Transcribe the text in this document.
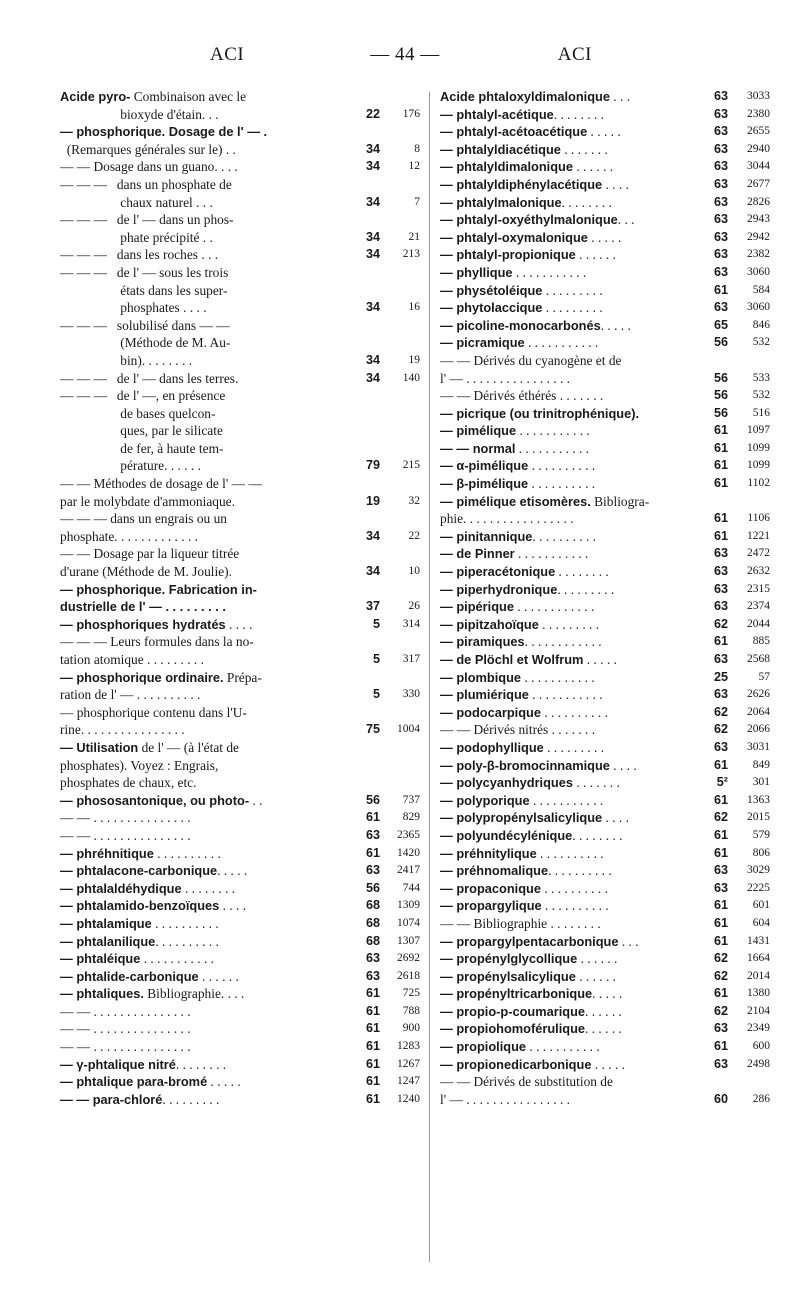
ACI	— 44 —	ACI
Acide pyro- Combinaison avec le
bioxyde d'étain. . .	22	176
— phosphorique. Dosage de l' — .
(Remarques générales sur le) . .	34	8
— — Dosage dans un guano. . . .	34	12
— — —   dans un phosphate de
chaux naturel . . .	34	7
— — —   de l' — dans un phos-
phate précipité . .	34	21
— — —   dans les roches . . .	34	213
— — —   de l' — sous les trois
états dans les super-
phosphates . . . .	34	16
— — —   solubilisé dans — —
(Méthode de M. Au-
bin). . . . . . . .	34	19
— — —   de l' — dans les terres.	34	140
— — —   de l' —, en présence
de bases quelcon-
ques, par le silicate
de fer, à haute tem-
pérature. . . . . .	79	215
— — Méthodes de dosage de l' — —
par le molybdate d'ammoniaque.	19	32
— — — dans un engrais ou un
phosphate. . . . . . . . . . . . .	34	22
— — Dosage par la liqueur titrée
d'urane (Méthode de M. Joulie).	34	10
— phosphorique. Fabrication in-
dustrielle de l' — . . . . . . . . .	37	26
— phosphoriques hydratés . . . .	5	314
— — — Leurs formules dans la no-
tation atomique . . . . . . . . .	5	317
— phosphorique ordinaire. Prépa-
ration de l' — . . . . . . . . . .	5	330
— phosphorique contenu dans l'U-
rine. . . . . . . . . . . . . . . .	75	1004
— Utilisation de l' — (à l'état de
phosphates). Voyez : Engrais,
phosphates de chaux, etc.
— phososantonique, ou photo- . .	56	737
— — . . . . . . . . . . . . . . .	61	829
— — . . . . . . . . . . . . . . .	63	2365
— phréhnitique . . . . . . . . . .	61	1420
— phtalacone-carbonique. . . . .	63	2417
— phtalaldéhydique . . . . . . . .	56	744
— phtalamido-benzoïques . . . .	68	1309
— phtalamique . . . . . . . . . .	68	1074
— phtalanilique. . . . . . . . . .	68	1307
— phtaléique . . . . . . . . . . .	63	2692
— phtalide-carbonique . . . . . .	63	2618
— phtaliques. Bibliographie. . . .	61	725
— — . . . . . . . . . . . . . . .	61	788
— — . . . . . . . . . . . . . . .	61	900
— — . . . . . . . . . . . . . . .	61	1283
— γ-phtalique nitré. . . . . . . .	61	1267
— phtalique para-bromé . . . . .	61	1247
— — para-chloré. . . . . . . . .	61	1240
Acide phtaloxyldimalonique . . .	63	3033
— phtalyl-acétique. . . . . . . .	63	2380
— phtalyl-acétoacétique . . . . .	63	2655
— phtalyldiacétique . . . . . . .	63	2940
— phtalyldimalonique . . . . . .	63	3044
— phtalyldiphénylacétique . . . .	63	2677
— phtalylmalonique. . . . . . . .	63	2826
— phtalyl-oxyéthylmalonique. . .	63	2943
— phtalyl-oxymalonique . . . . .	63	2942
— phtalyl-propionique . . . . . .	63	2382
— phyllique . . . . . . . . . . .	63	3060
— physétoléique . . . . . . . . .	61	584
— phytolaccique . . . . . . . . .	63	3060
— picoline-monocarbonés. . . . .	65	846
— picramique . . . . . . . . . . .	56	532
— — Dérivés du cyanogène et de
l' — . . . . . . . . . . . . . . . .	56	533
— — Dérivés éthérés . . . . . . .	56	532
— picrique (ou trinitrophénique).	56	516
— pimélique . . . . . . . . . . .	61	1097
— — normal . . . . . . . . . . .	61	1099
— α-pimélique . . . . . . . . . .	61	1099
— β-pimélique . . . . . . . . . .	61	1102
— pimélique etisomères. Bibliogra-
phie. . . . . . . . . . . . . . . . .	61	1106
— pinitannique. . . . . . . . . .	61	1221
— de Pinner . . . . . . . . . . .	63	2472
— piperacétonique . . . . . . . .	63	2632
— piperhydronique. . . . . . . . .	63	2315
— pipérique . . . . . . . . . . . .	63	2374
— pipitzahoïque . . . . . . . . .	62	2044
— piramiques. . . . . . . . . . . .	61	885
— de Plöchl et Wolfrum . . . . .	63	2568
— plombique . . . . . . . . . . .	25	57
— plumiérique . . . . . . . . . . .	63	2626
— podocarpique . . . . . . . . . .	62	2064
— — Dérivés nitrés . . . . . . .	62	2066
— podophyllique . . . . . . . . .	63	3031
— poly-β-bromocinnamique . . . .	61	849
— polycyanhydriques . . . . . . .	5²	301
— polyporique . . . . . . . . . . .	61	1363
— polypropénylsalicylique . . . .	62	2015
— polyundécylénique. . . . . . . .	61	579
— préhnitylique . . . . . . . . . .	61	806
— préhnomalique. . . . . . . . . .	63	3029
— propaconique . . . . . . . . . .	63	2225
— propargylique . . . . . . . . . .	61	601
— — Bibliographie . . . . . . . .	61	604
— propargylpentacarbonique . . .	61	1431
— propénylglycollique . . . . . .	62	1664
— propénylsalicylique . . . . . .	62	2014
— propényltricarbonique. . . . .	61	1380
— propio-p-coumarique. . . . . .	62	2104
— propiohomoférulique. . . . . .	63	2349
— propiolique . . . . . . . . . . .	61	600
— propionedicarbonique . . . . .	63	2498
— — Dérivés de substitution de
l' — . . . . . . . . . . . . . . . .	60	286
